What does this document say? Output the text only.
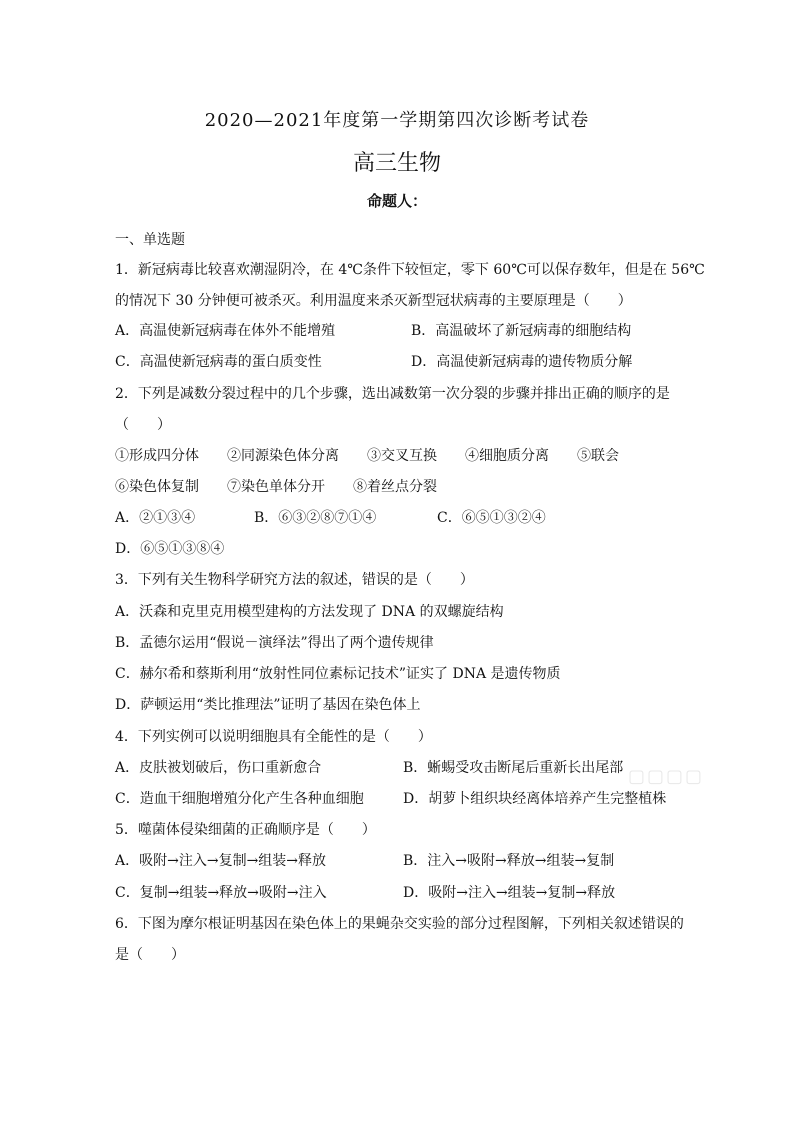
2020—2021年度第一学期第四次诊断考试卷
高三生物
命题人：
一、单选题
1．新冠病毒比较喜欢潮湿阴冷，在 4℃条件下较恒定，零下 60℃可以保存数年，但是在 56℃
的情况下 30 分钟便可被杀灭。利用温度来杀灭新型冠状病毒的主要原理是（　　）
A．高温使新冠病毒在体外不能增殖	B．高温破坏了新冠病毒的细胞结构
C．高温使新冠病毒的蛋白质变性	D．高温使新冠病毒的遗传物质分解
2．下列是减数分裂过程中的几个步骤，选出减数第一次分裂的步骤并排出正确的顺序的是
（　　）
①形成四分体　　②同源染色体分离　　③交叉互换　　④细胞质分离　　⑤联会
⑥染色体复制　　⑦染色单体分开　　⑧着丝点分裂
A．②①③④	B．⑥③②⑧⑦①④	C．⑥⑤①③②④
D．⑥⑤①③⑧④
3．下列有关生物科学研究方法的叙述，错误的是（　　）
A．沃森和克里克用模型建构的方法发现了 DNA 的双螺旋结构
B．孟德尔运用“假说－演绎法”得出了两个遗传规律
C．赫尔希和蔡斯利用“放射性同位素标记技术”证实了 DNA 是遗传物质
D．萨顿运用“类比推理法”证明了基因在染色体上
4．下列实例可以说明细胞具有全能性的是（　　）
A．皮肤被划破后，伤口重新愈合	B．蜥蜴受攻击断尾后重新长出尾部
C．造血干细胞增殖分化产生各种血细胞	D．胡萝卜组织块经离体培养产生完整植株
5．噬菌体侵染细菌的正确顺序是（　　）
A．吸附→注入→复制→组装→释放	B．注入→吸附→释放→组装→复制
C．复制→组装→释放→吸附→注入	D．吸附→注入→组装→复制→释放
6．下图为摩尔根证明基因在染色体上的果蝇杂交实验的部分过程图解，下列相关叙述错误的
是（　　）
▢▢▢▢
